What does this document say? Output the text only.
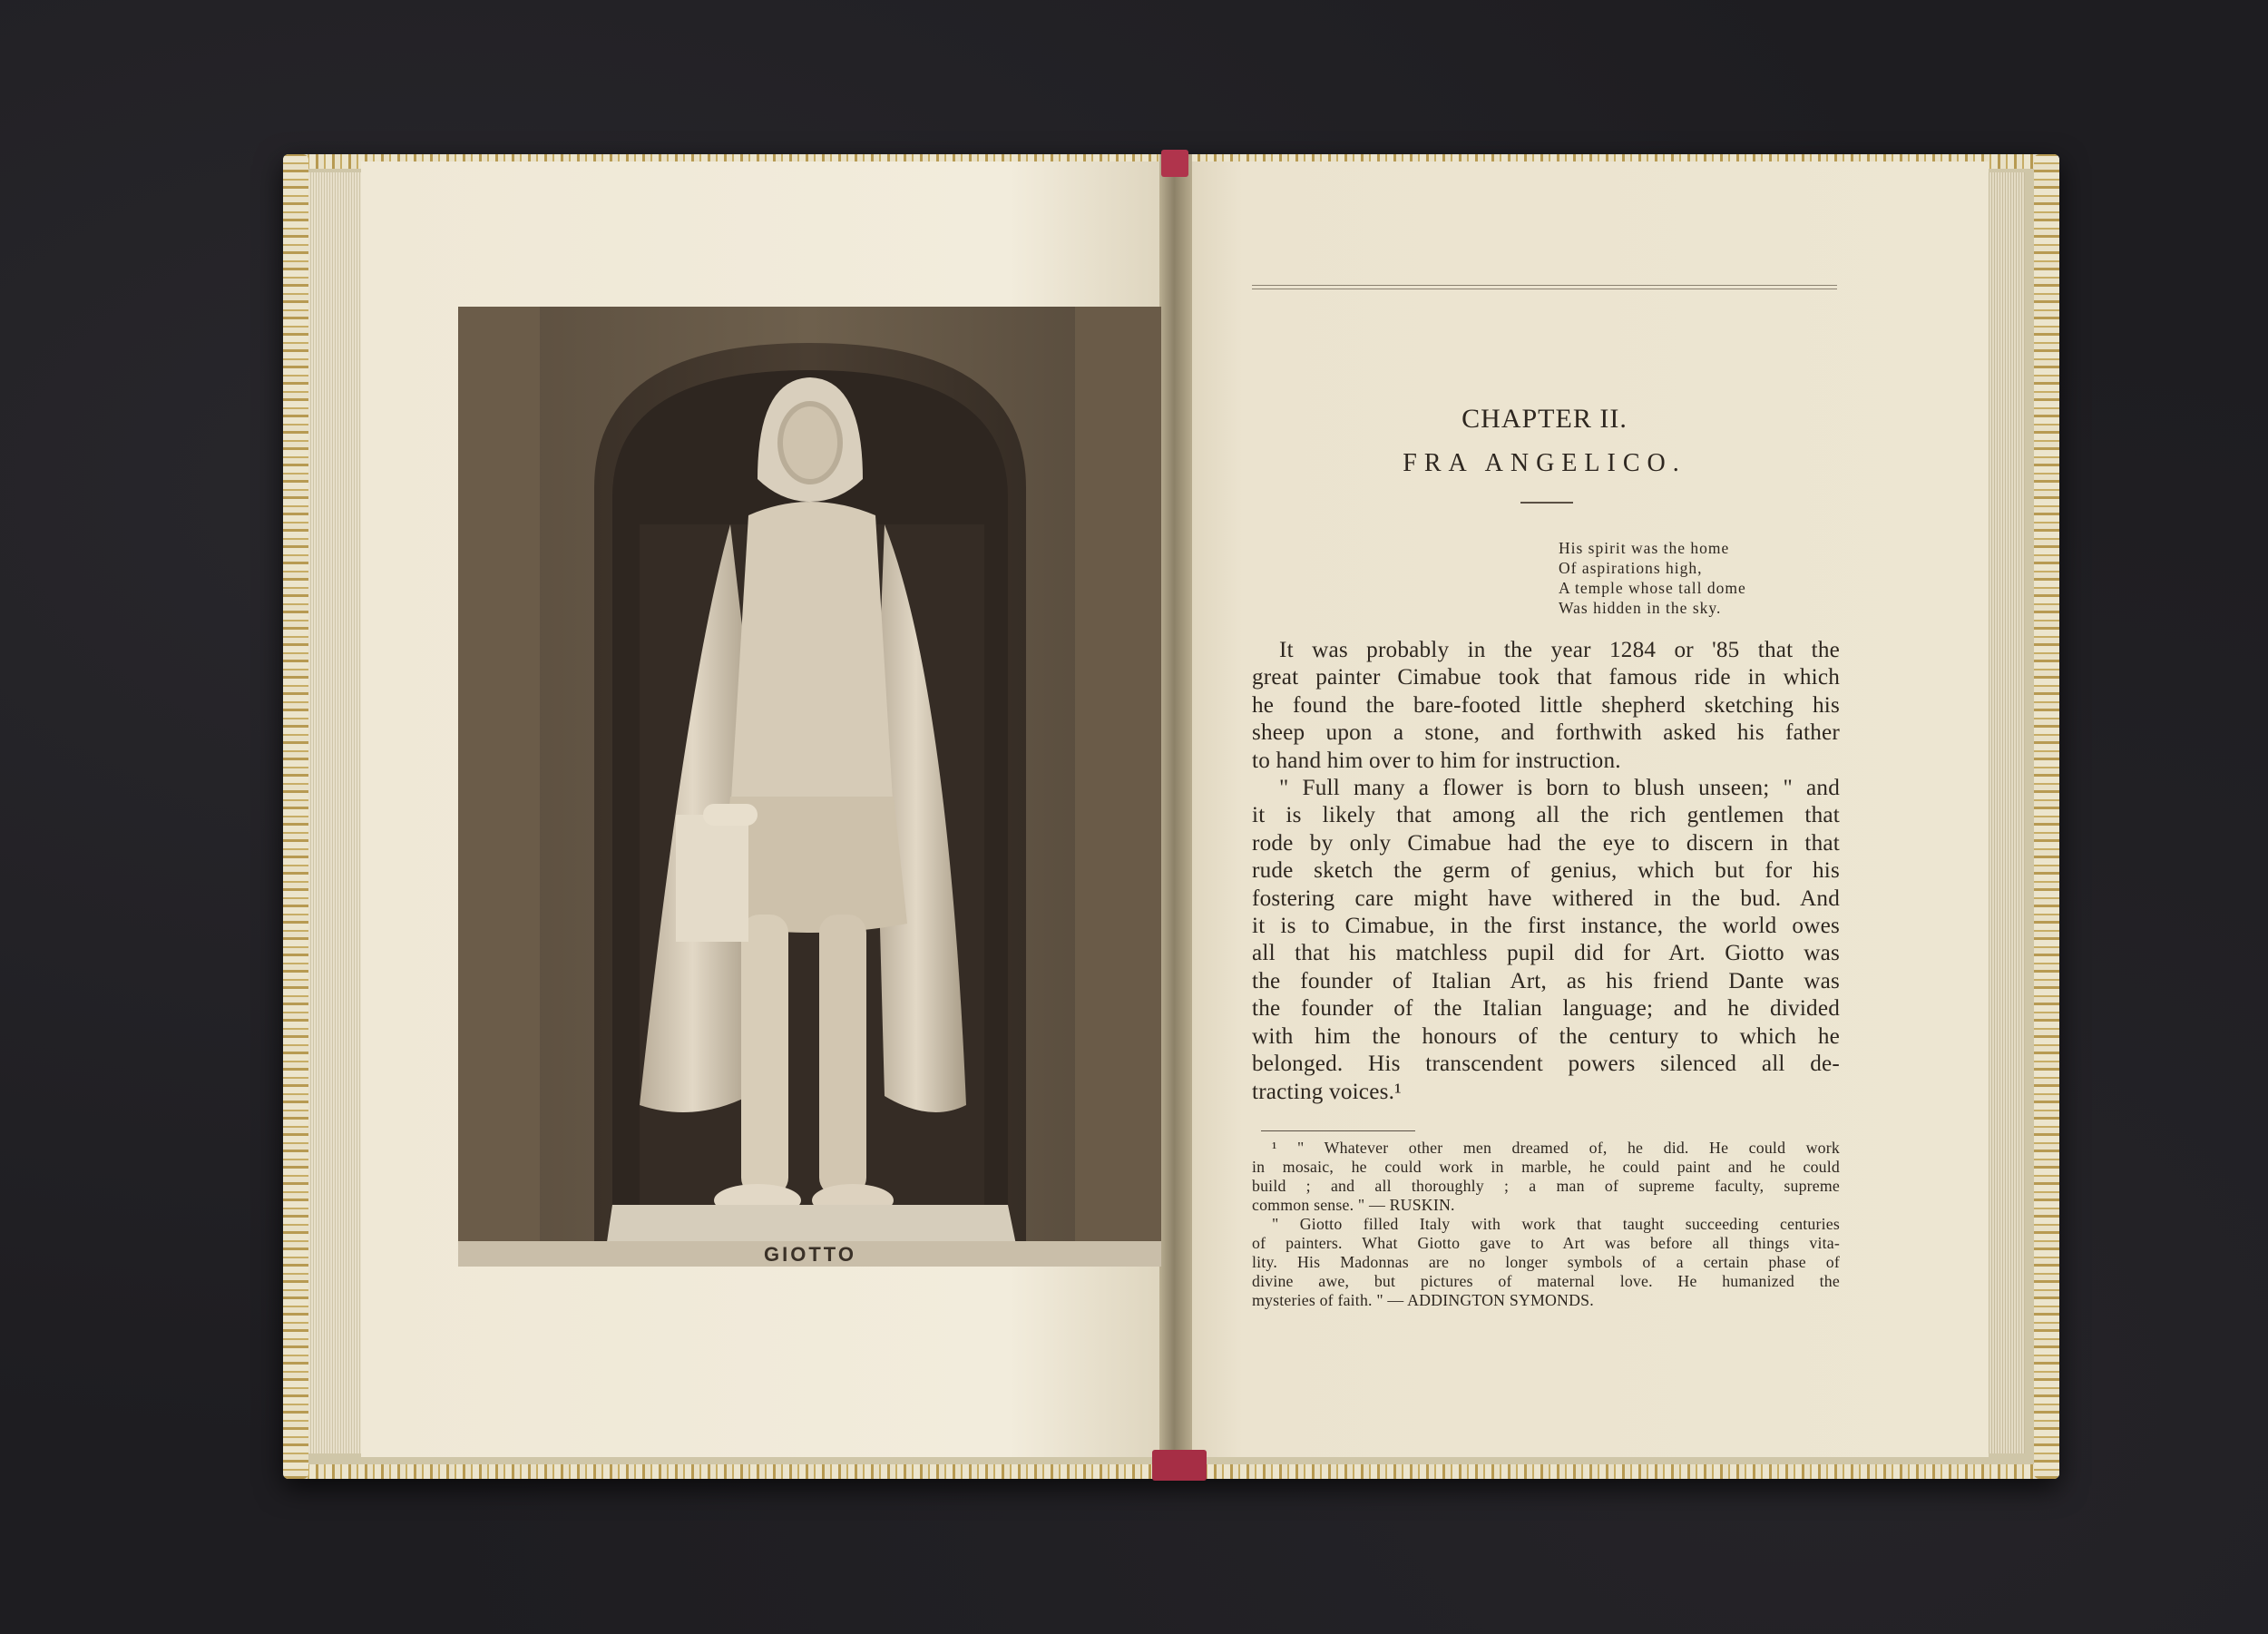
GIOTTO

CHAPTER II.
FRA ANGELICO.
His spirit was the home
Of aspirations high,
A temple whose tall dome
Was hidden in the sky.
It was probably in the year 1284 or '85 that the
great painter Cimabue took that famous ride in which
he found the bare-footed little shepherd sketching his
sheep upon a stone, and forthwith asked his father
to hand him over to him for instruction.
" Full many a flower is born to blush unseen; " and
it is likely that among all the rich gentlemen that
rode by only Cimabue had the eye to discern in that
rude sketch the germ of genius, which but for his
fostering care might have withered in the bud. And
it is to Cimabue, in the first instance, the world owes
all that his matchless pupil did for Art. Giotto was
the founder of Italian Art, as his friend Dante was
the founder of the Italian language; and he divided
with him the honours of the century to which he
belonged. His transcendent powers silenced all de-
tracting voices.¹
¹ " Whatever other men dreamed of, he did. He could work
in mosaic, he could work in marble, he could paint and he could
build ; and all thoroughly ; a man of supreme faculty, supreme
common sense. " — RUSKIN.
" Giotto filled Italy with work that taught succeeding centuries
of painters. What Giotto gave to Art was before all things vita-
lity. His Madonnas are no longer symbols of a certain phase of
divine awe, but pictures of maternal love. He humanized the
mysteries of faith. " — ADDINGTON SYMONDS.
